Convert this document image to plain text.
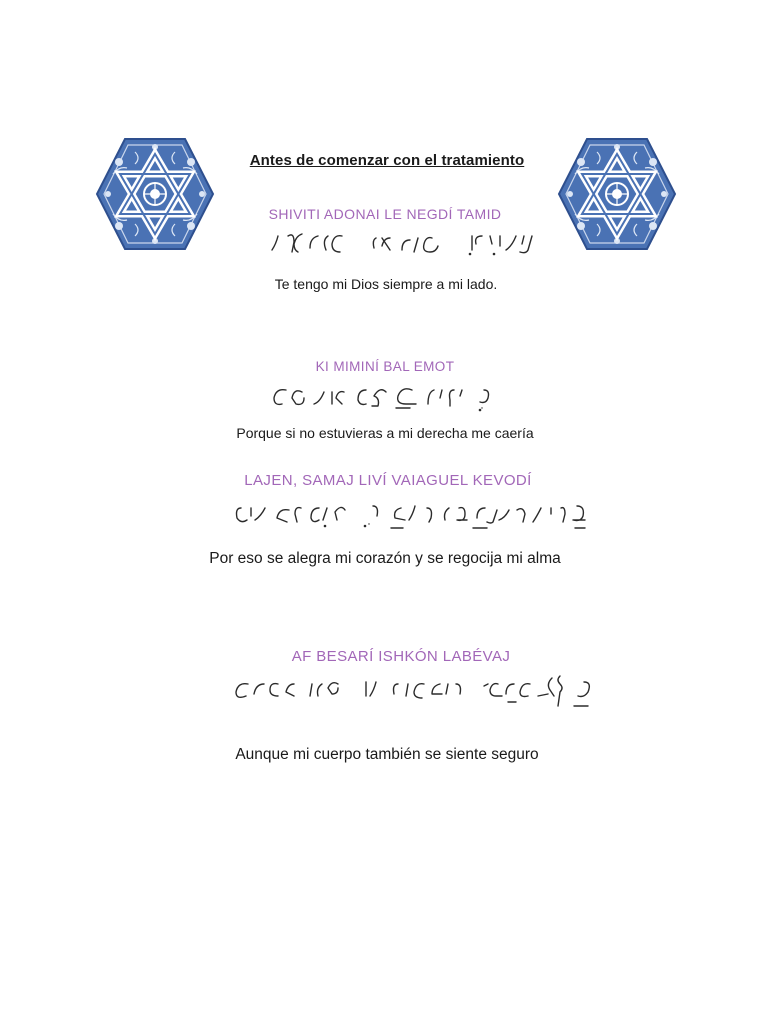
Antes de comenzar con el tratamiento
SHIVITI ADONAI LE NEGDÍ TAMID
Te tengo mi Dios siempre a mi lado.
KI MIMINÍ BAL EMOT
Porque si no estuvieras a mi derecha me caería
LAJEN, SAMAJ LIVÍ VAIAGUEL KEVODÍ
Por eso se alegra mi corazón y se regocija mi alma
AF BESARÍ ISHKÓN LABÉVAJ
Aunque mi cuerpo también se siente seguro
